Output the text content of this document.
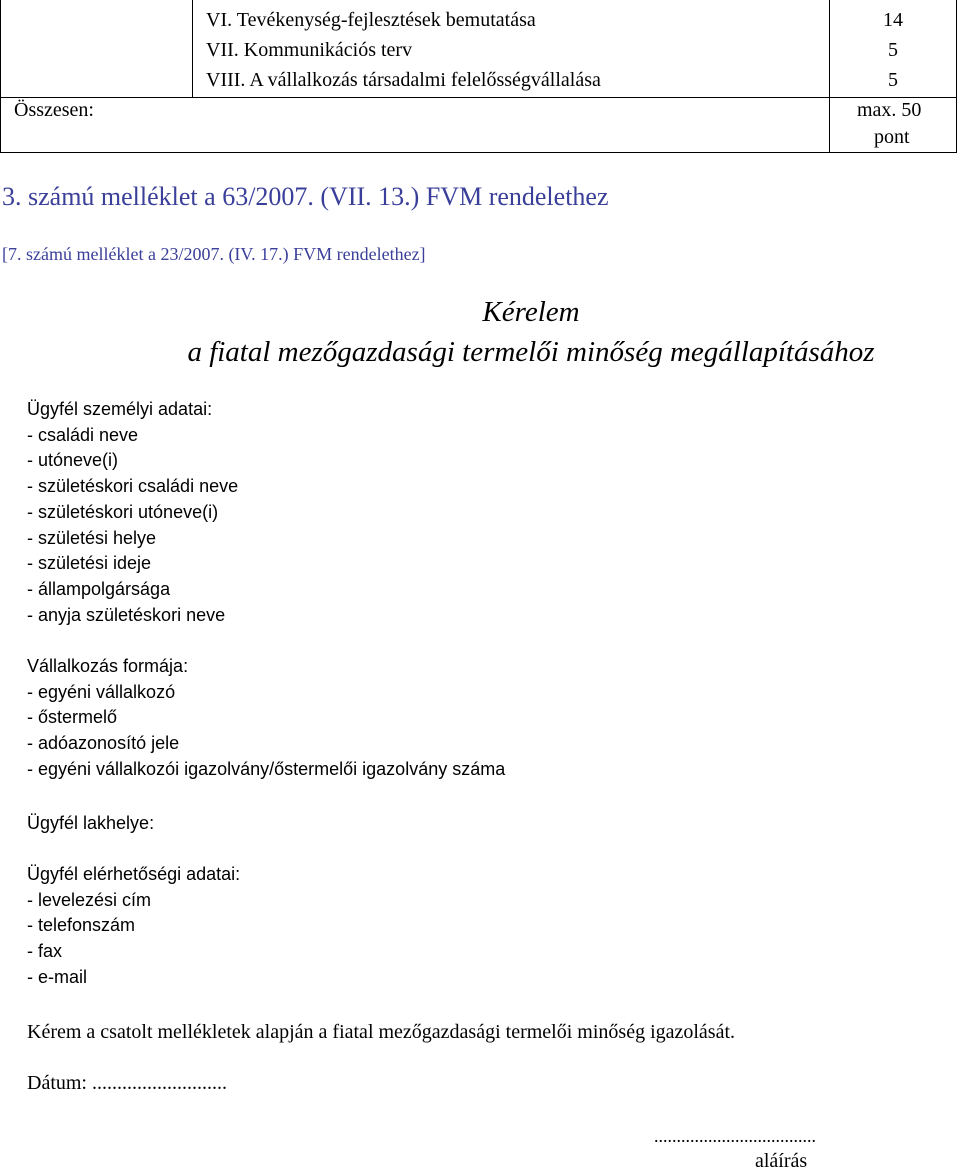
VI. Tevékenység-fejlesztések bemutatása	14
VII. Kommunikációs terv	5
VIII. A vállalkozás társadalmi felelősségvállalása	5
Összesen:	max. 50
pont
3. számú melléklet a 63/2007. (VII. 13.) FVM rendelethez
[7. számú melléklet a 23/2007. (IV. 17.) FVM rendelethez]
Kérelem
a fiatal mezőgazdasági termelői minőség megállapításához
Ügyfél személyi adatai:
- családi neve
- utóneve(i)
- születéskori családi neve
- születéskori utóneve(i)
- születési helye
- születési ideje
- állampolgársága
- anyja születéskori neve
Vállalkozás formája:
- egyéni vállalkozó
- őstermelő
- adóazonosító jele
- egyéni vállalkozói igazolvány/őstermelői igazolvány száma
Ügyfél lakhelye:
Ügyfél elérhetőségi adatai:
- levelezési cím
- telefonszám
- fax
- e-mail
Kérem a csatolt mellékletek alapján a fiatal mezőgazdasági termelői minőség igazolását.
Dátum: ...........................
....................................
aláírás
